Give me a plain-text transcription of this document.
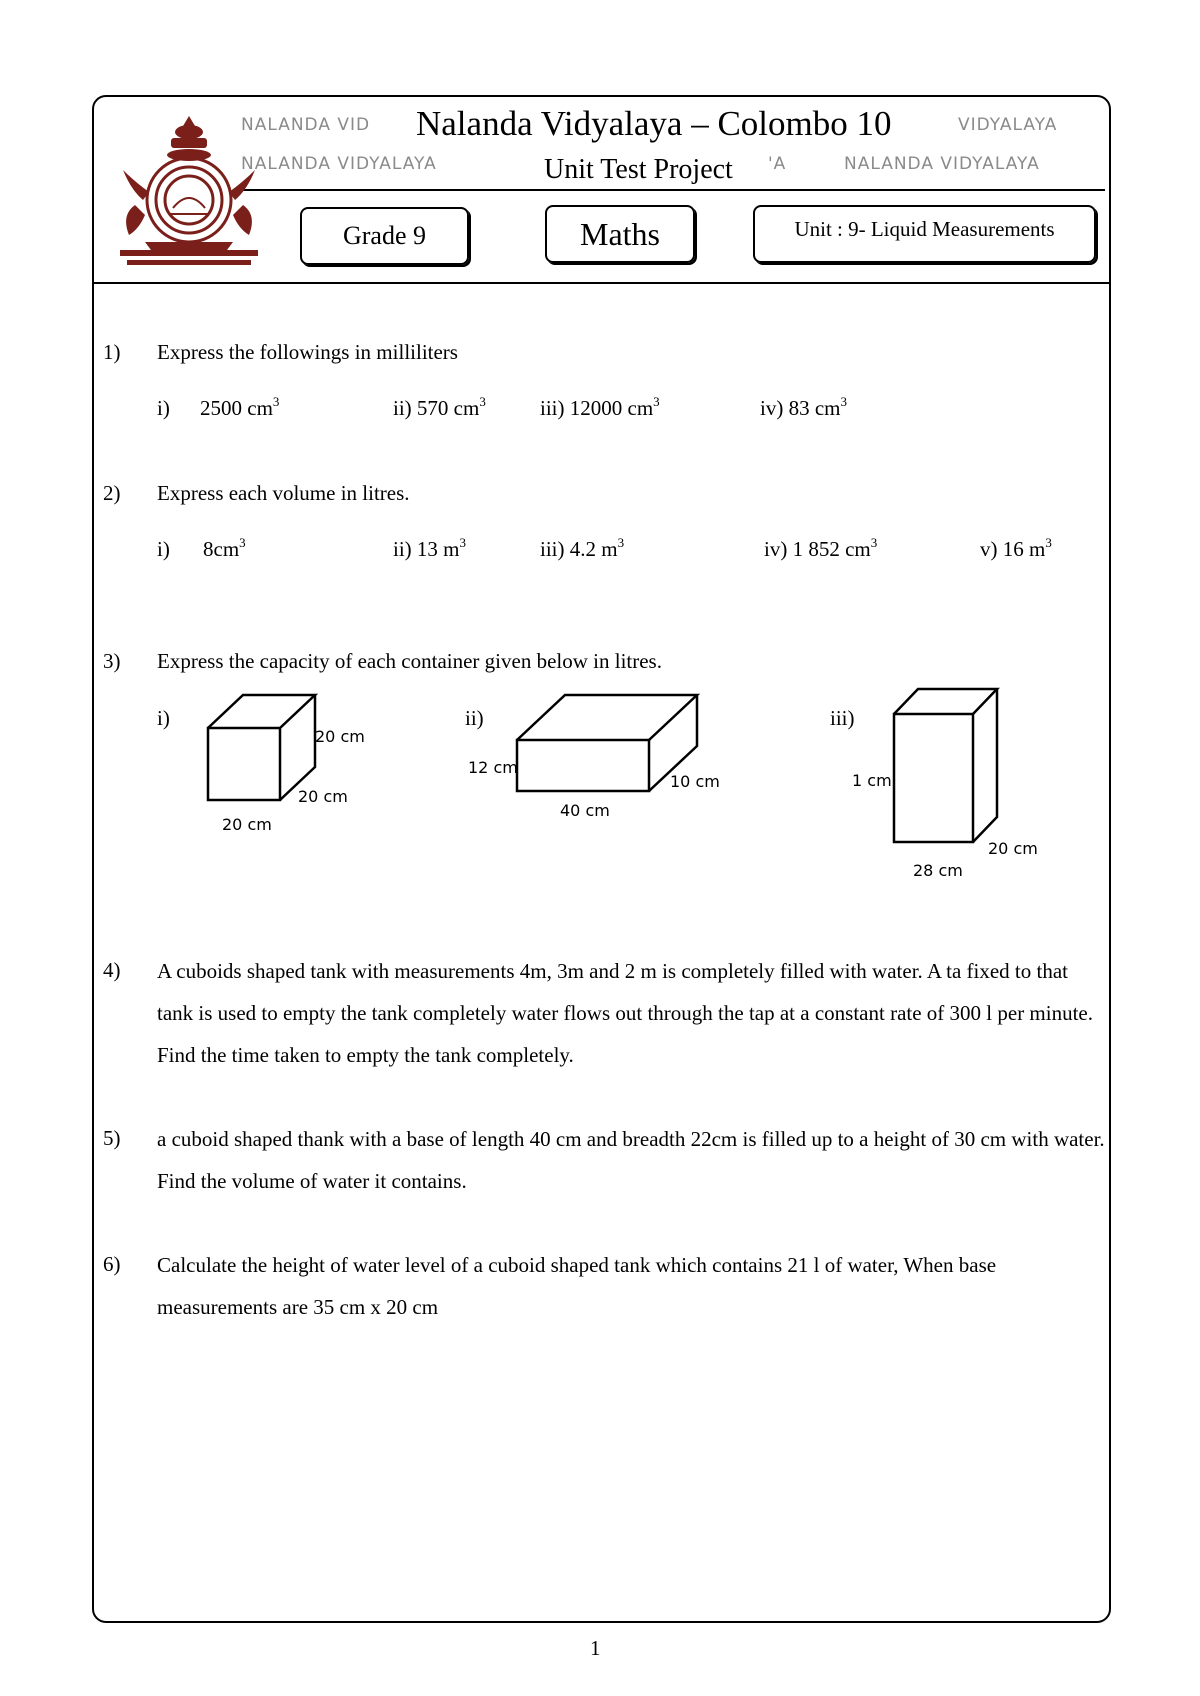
NALANDA VID	VIDYALAYA
NALANDA VIDYALAYA	'A	NALANDA VIDYALAYA
Nalanda Vidyalaya – Colombo 10
Unit Test Project
Grade 9	Maths	Unit : 9- Liquid Measurements
1) Express the followings in milliliters
i) 2500 $cm^3$	ii) 570 $cm^3$	iii) 12000 $cm^3$	iv) 83 $cm^3$
2) Express each volume in litres.
i) $8cm^3$	ii) 13 $m^3$	iii) 4.2 $m^3$	iv) 1 852 $cm^3$	v) 16 $m^3$
3) Express the capacity of each container given below in litres.
i)	ii)	iii)
20 cm
20 cm
20 cm
12 cm
10 cm
40 cm
1 cm
20 cm
28 cm
4) A cuboids shaped tank with measurements 4m, 3m and 2 m is completely filled with water. A ta fixed to that tank is used to empty the tank completely water flows out through the tap at a constant rate of 300 l per minute. Find the time taken to empty the tank completely.
5) a cuboid shaped thank with a base of length 40 cm and breadth 22cm is filled up to a height of 30 cm with water. Find the volume of water it contains.
6) Calculate the height of water level of a cuboid shaped tank which contains 21 l of water, When base measurements are 35 cm x 20 cm
1
